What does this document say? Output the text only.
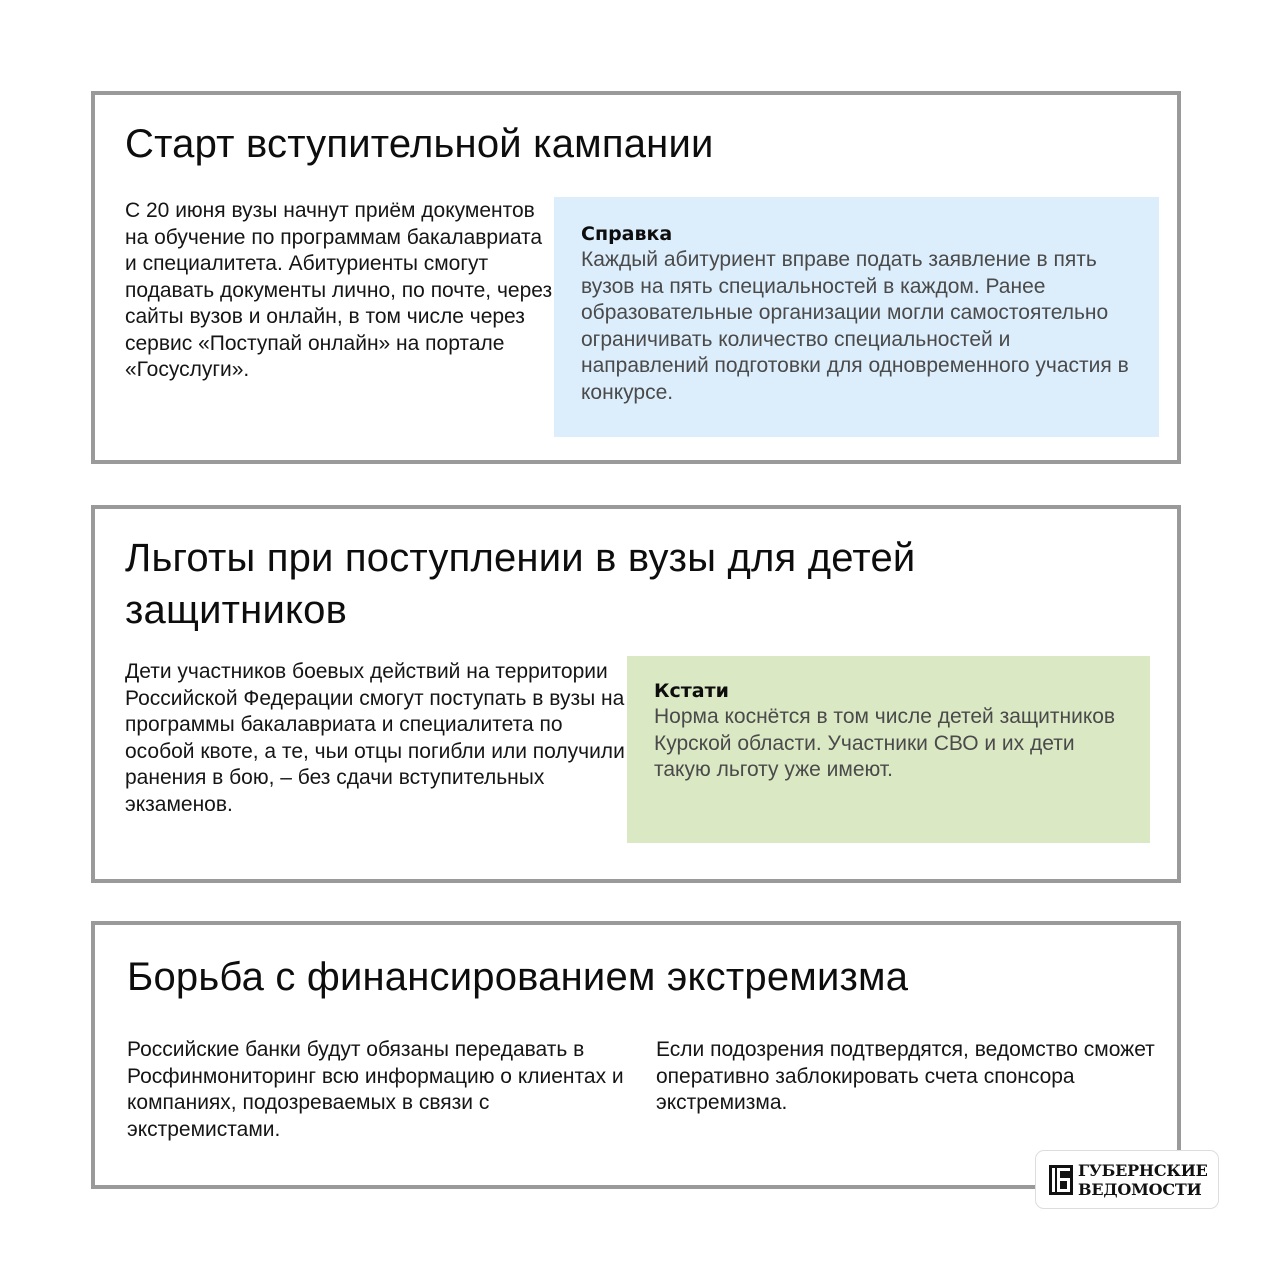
Старт вступительной кампании

С 20 июня вузы начнут приём документов на обучение по программам бакалавриата и специалитета. Абитуриенты смогут подавать документы лично, по почте, через сайты вузов и онлайн, в том числе через сервис «Поступай онлайн» на портале «Госуслуги».

Справка

Каждый абитуриент вправе подать заявление в пять вузов на пять специальностей в каждом. Ранее образовательные организации могли самостоятельно ограничивать количество специальностей и направлений подготовки для одновременного участия в конкурсе.

Льготы при поступлении в вузы для детей защитников

Дети участников боевых действий на территории Российской Федерации смогут поступать в вузы на программы бакалавриата и специалитета по особой квоте, а те, чьи отцы погибли или получили ранения в бою, – без сдачи вступительных экзаменов.

Кстати

Норма коснётся в том числе детей защитников Курской области. Участники СВО и их дети такую льготу уже имеют.

Борьба с финансированием экстремизма

Российские банки будут обязаны передавать в Росфинмониторинг всю информацию о клиентах и компаниях, подозреваемых в связи с экстремистами.

Если подозрения подтвердятся, ведомство сможет оперативно заблокировать счета спонсора экстремизма.

ГУБЕРНСКИЕ
ВЕДОМОСТИ
